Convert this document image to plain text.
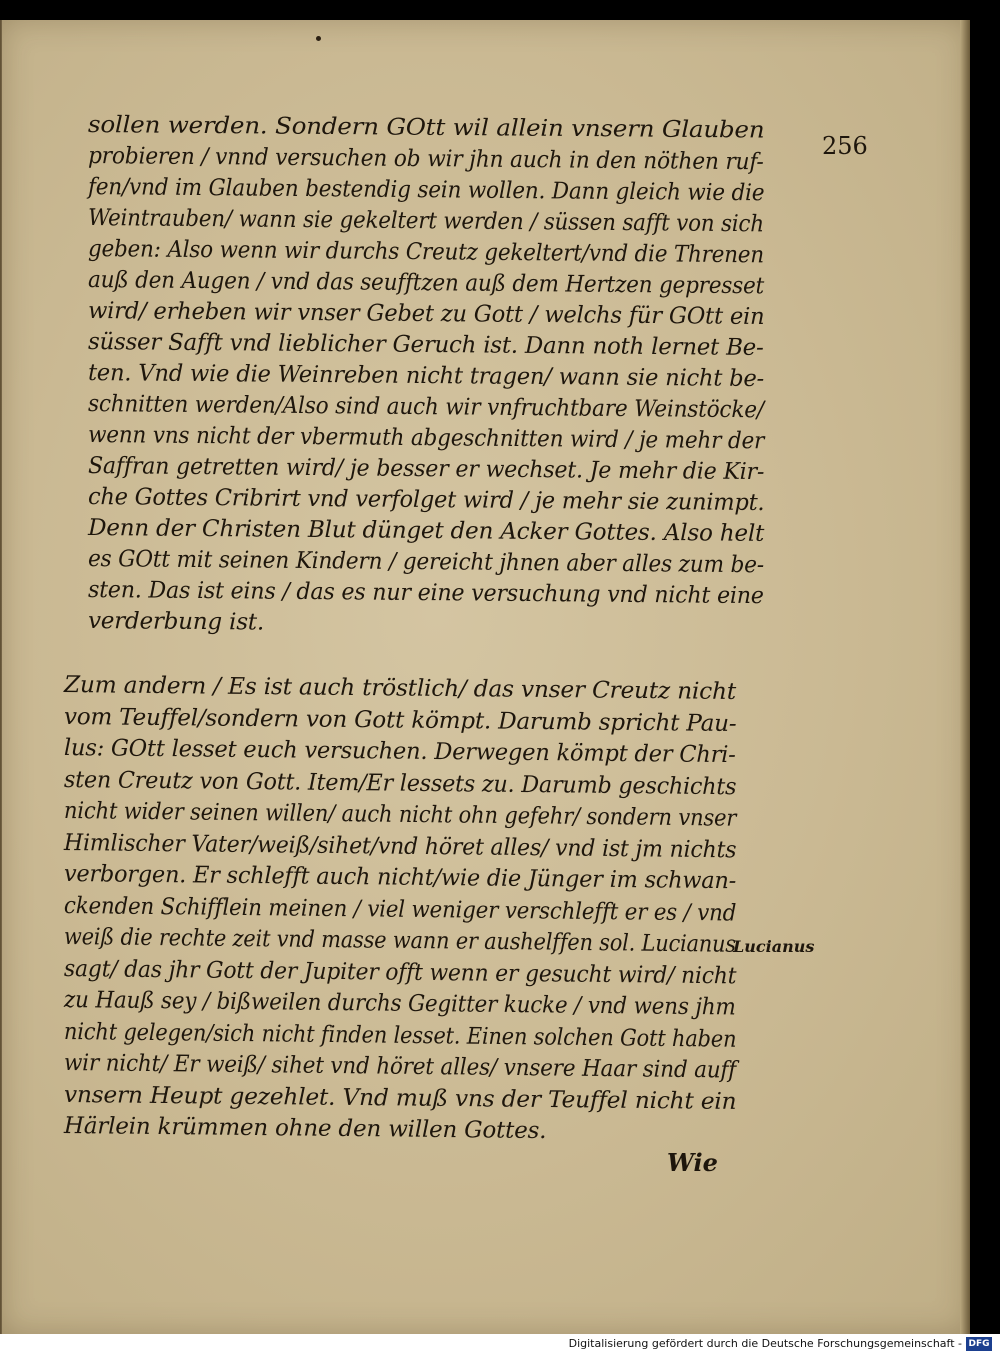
256
sollen werden. Sondern GOtt wil allein vnsern Glauben
probieren / vnnd versuchen ob wir jhn auch in den nöthen ruf-
fen/vnd im Glauben bestendig sein wollen. Dann gleich wie die
Weintrauben/ wann sie gekeltert werden / süssen safft von sich
geben: Also wenn wir durchs Creutz gekeltert/vnd die Threnen
auß den Augen / vnd das seufftzen auß dem Hertzen gepresset
wird/ erheben wir vnser Gebet zu Gott / welchs für GOtt ein
süsser Safft vnd lieblicher Geruch ist. Dann noth lernet Be-
ten. Vnd wie die Weinreben nicht tragen/ wann sie nicht be-
schnitten werden/Also sind auch wir vnfruchtbare Weinstöcke/
wenn vns nicht der vbermuth abgeschnitten wird / je mehr der
Saffran getretten wird/ je besser er wechset. Je mehr die Kir-
che Gottes Cribrirt vnd verfolget wird / je mehr sie zunimpt.
Denn der Christen Blut dünget den Acker Gottes. Also helt
es GOtt mit seinen Kindern / gereicht jhnen aber alles zum be-
sten. Das ist eins / das es nur eine versuchung vnd nicht eine
verderbung ist.
Zum andern / Es ist auch tröstlich/ das vnser Creutz nicht
vom Teuffel/sondern von Gott kömpt. Darumb spricht Pau-
lus: GOtt lesset euch versuchen. Derwegen kömpt der Chri-
sten Creutz von Gott. Item/Er lessets zu. Darumb geschichts
nicht wider seinen willen/ auch nicht ohn gefehr/ sondern vnser
Himlischer Vater/weiß/sihet/vnd höret alles/ vnd ist jm nichts
verborgen. Er schlefft auch nicht/wie die Jünger im schwan-
ckenden Schifflein meinen / viel weniger verschlefft er es / vnd
weiß die rechte zeit vnd masse wann er aushelffen sol. Lucianus
sagt/ das jhr Gott der Jupiter offt wenn er gesucht wird/ nicht
zu Hauß sey / bißweilen durchs Gegitter kucke / vnd wens jhm
nicht gelegen/sich nicht finden lesset. Einen solchen Gott haben
wir nicht/ Er weiß/ sihet vnd höret alles/ vnsere Haar sind auff
vnsern Heupt gezehlet. Vnd muß vns der Teuffel nicht ein
Härlein krümmen ohne den willen Gottes.
Lucianus
Wie
Digitalisierung gefördert durch die Deutsche Forschungsgemeinschaft - DFG
